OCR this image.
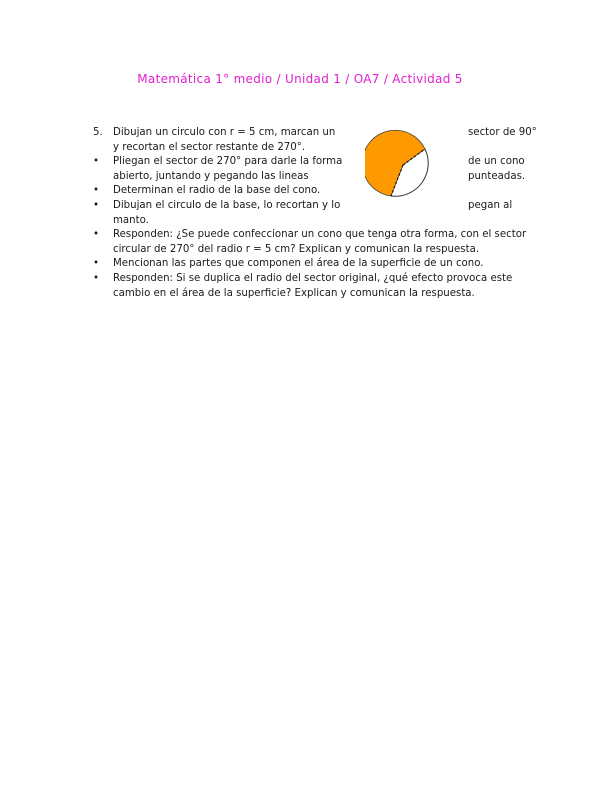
Matemática 1° medio / Unidad 1 / OA7 / Actividad 5
5. Dibujan un circulo con r = 5 cm, marcan un	sector de 90°
y recortan el sector restante de 270°.
• Pliegan el sector de 270° para darle la forma	de un cono
abierto, juntando y pegando las lineas	punteadas.
• Determinan el radio de la base del cono.
• Dibujan el circulo de la base, lo recortan y lo	pegan al
manto.
• Responden: ¿Se puede confeccionar un cono que tenga otra forma, con el sector circular de 270° del radio r = 5 cm? Explican y comunican la respuesta.
• Mencionan las partes que componen el área de la superficie de un cono.
• Responden: Si se duplica el radio del sector original, ¿qué efecto provoca este cambio en el área de la superficie? Explican y comunican la respuesta.
